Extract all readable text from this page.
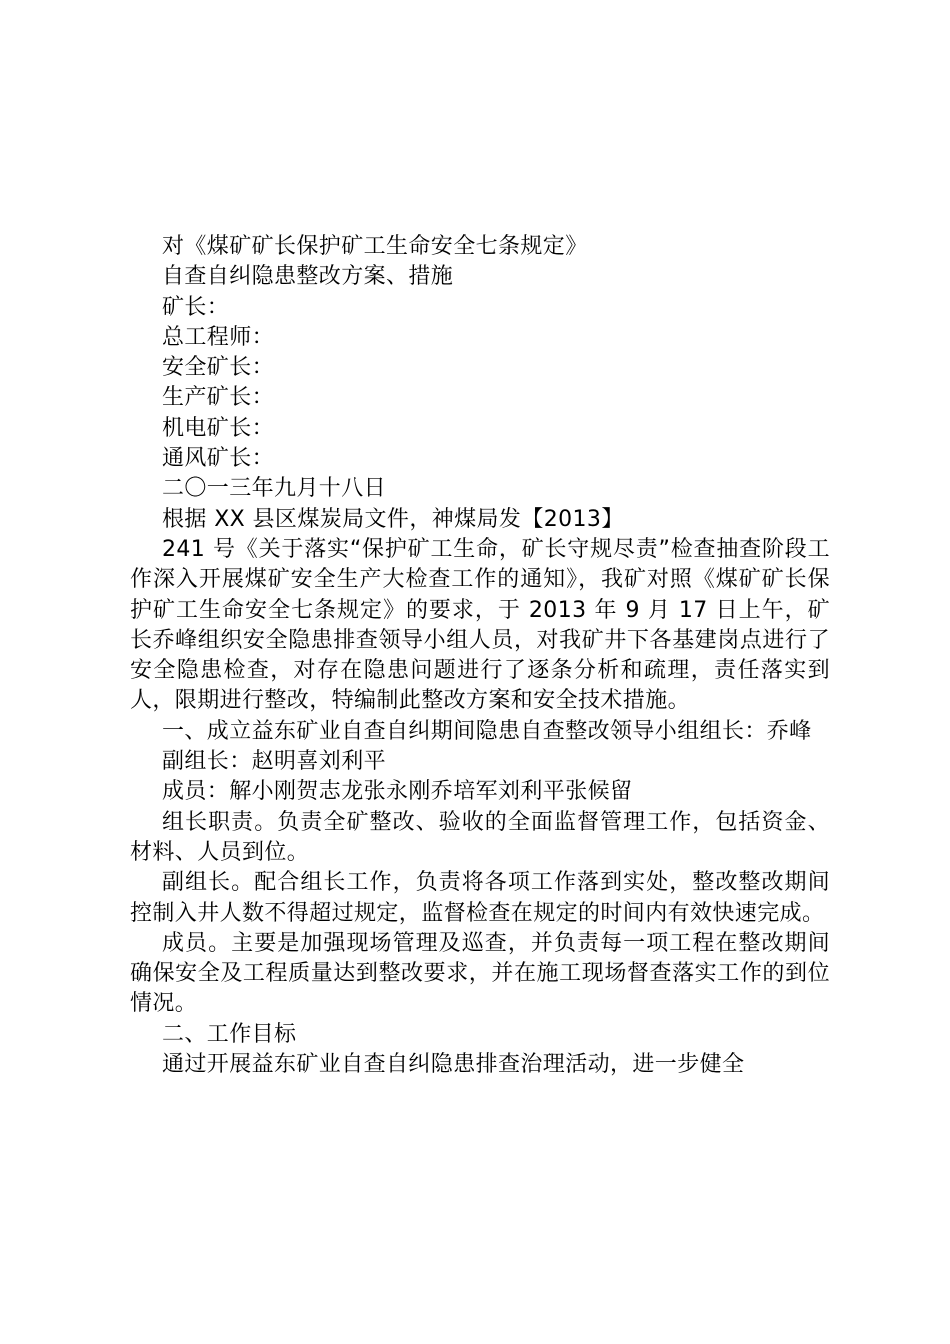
对《煤矿矿长保护矿工生命安全七条规定》
自查自纠隐患整改方案、措施
矿长：
总工程师：
安全矿长：
生产矿长：
机电矿长：
通风矿长：
二〇一三年九月十八日
根据 XX 县区煤炭局文件，神煤局发【2013】
241 号《关于落实“保护矿工生命，矿长守规尽责”检查抽查阶段工作深入开展煤矿安全生产大检查工作的通知》，我矿对照《煤矿矿长保护矿工生命安全七条规定》的要求，于 2013 年 9 月 17 日上午，矿长乔峰组织安全隐患排查领导小组人员，对我矿井下各基建岗点进行了安全隐患检查，对存在隐患问题进行了逐条分析和疏理，责任落实到人，限期进行整改，特编制此整改方案和安全技术措施。
一、成立益东矿业自查自纠期间隐患自查整改领导小组组长：乔峰
副组长：赵明喜刘利平
成员：解小刚贺志龙张永刚乔培军刘利平张候留
组长职责。负责全矿整改、验收的全面监督管理工作，包括资金、材料、人员到位。
副组长。配合组长工作，负责将各项工作落到实处，整改整改期间控制入井人数不得超过规定，监督检查在规定的时间内有效快速完成。
成员。主要是加强现场管理及巡查，并负责每一项工程在整改期间确保安全及工程质量达到整改要求，并在施工现场督查落实工作的到位情况。
二、工作目标
通过开展益东矿业自查自纠隐患排查治理活动，进一步健全
